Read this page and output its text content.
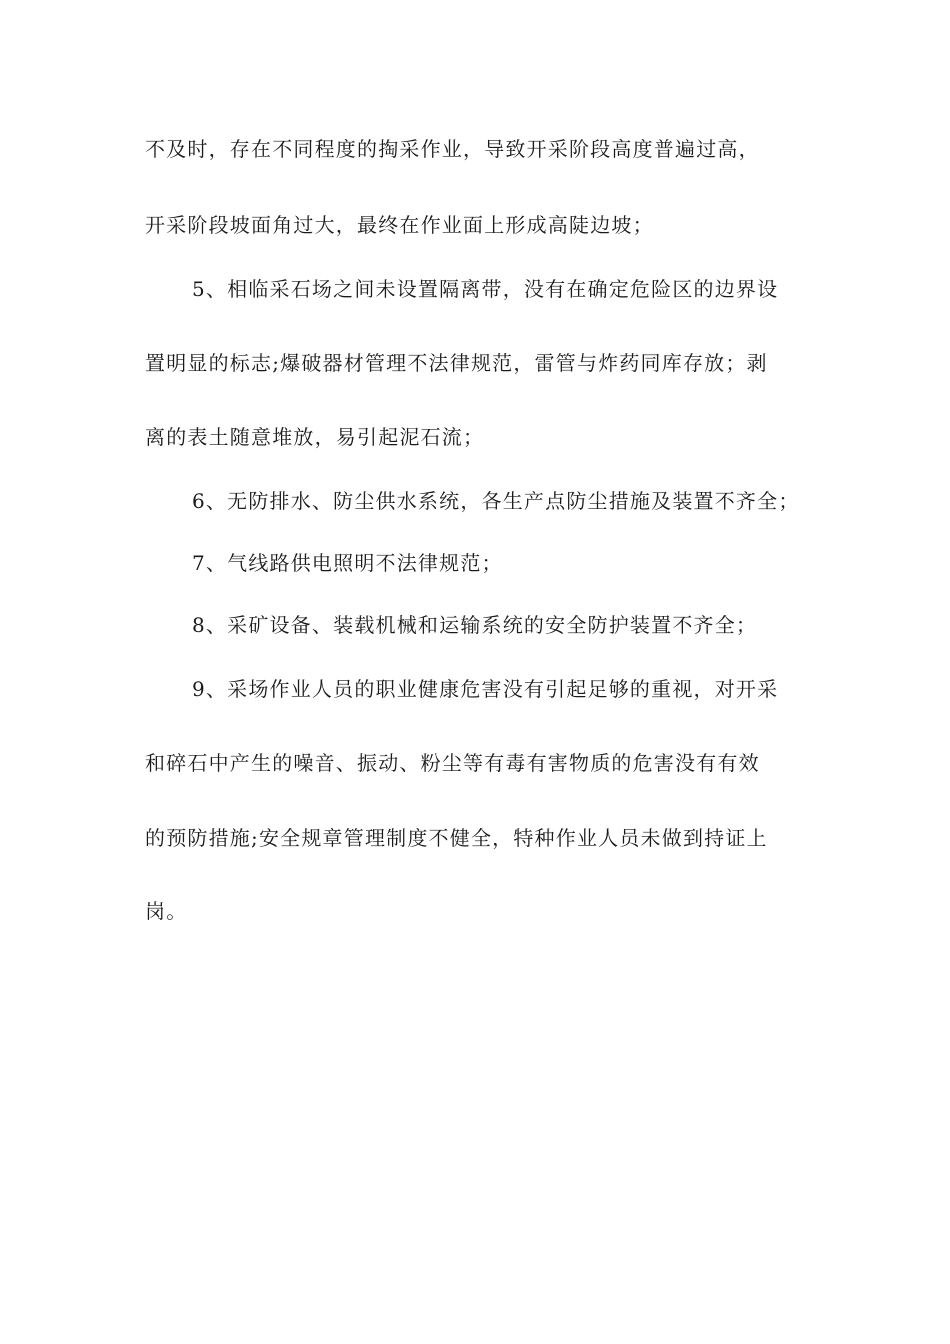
不及时，存在不同程度的掏采作业，导致开采阶段高度普遍过高，
开采阶段坡面角过大，最终在作业面上形成高陡边坡；
5、相临采石场之间未设置隔离带，没有在确定危险区的边界设
置明显的标志;爆破器材管理不法律规范，雷管与炸药同库存放；剥
离的表土随意堆放，易引起泥石流；
6、无防排水、防尘供水系统，各生产点防尘措施及装置不齐全；
7、气线路供电照明不法律规范；
8、采矿设备、装载机械和运输系统的安全防护装置不齐全；
9、采场作业人员的职业健康危害没有引起足够的重视，对开采
和碎石中产生的噪音、振动、粉尘等有毒有害物质的危害没有有效
的预防措施;安全规章管理制度不健全，特种作业人员未做到持证上
岗。
